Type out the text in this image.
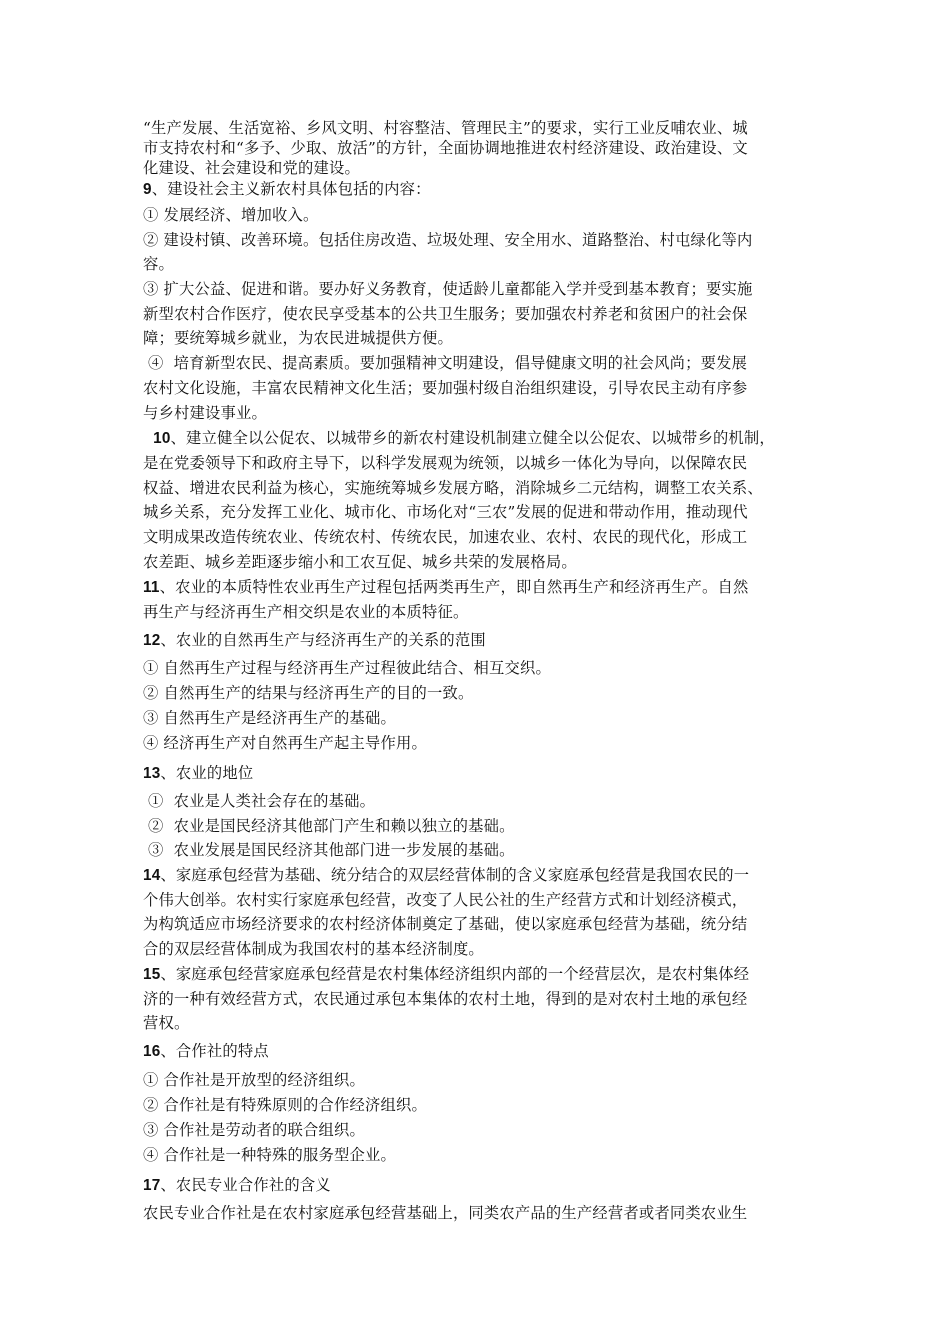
“生产发展、生活宽裕、乡风文明、村容整洁、管理民主”的要求，实行工业反哺农业、城
市支持农村和“多予、少取、放活”的方针，全面协调地推进农村经济建设、政治建设、文
化建设、社会建设和党的建设。
9、建设社会主义新农村具体包括的内容：
① 发展经济、增加收入。
② 建设村镇、改善环境。包括住房改造、垃圾处理、安全用水、道路整治、村屯绿化等内
容。
③ 扩大公益、促进和谐。要办好义务教育，使适龄儿童都能入学并受到基本教育；要实施
新型农村合作医疗，使农民享受基本的公共卫生服务；要加强农村养老和贫困户的社会保
障；要统筹城乡就业，为农民进城提供方便。
④  培育新型农民、提高素质。要加强精神文明建设，倡导健康文明的社会风尚；要发展
农村文化设施，丰富农民精神文化生活；要加强村级自治组织建设，引导农民主动有序参
与乡村建设事业。
10、建立健全以公促农、以城带乡的新农村建设机制建立健全以公促农、以城带乡的机制，
是在党委领导下和政府主导下，以科学发展观为统领，以城乡一体化为导向，以保障农民
权益、增进农民利益为核心，实施统筹城乡发展方略，消除城乡二元结构，调整工农关系、
城乡关系，充分发挥工业化、城市化、市场化对“三农”发展的促进和带动作用，推动现代
文明成果改造传统农业、传统农村、传统农民，加速农业、农村、农民的现代化，形成工
农差距、城乡差距逐步缩小和工农互促、城乡共荣的发展格局。
11、农业的本质特性农业再生产过程包括两类再生产，即自然再生产和经济再生产。自然
再生产与经济再生产相交织是农业的本质特征。
12、农业的自然再生产与经济再生产的关系的范围
① 自然再生产过程与经济再生产过程彼此结合、相互交织。
② 自然再生产的结果与经济再生产的目的一致。
③ 自然再生产是经济再生产的基础。
④ 经济再生产对自然再生产起主导作用。
13、农业的地位
①  农业是人类社会存在的基础。
②  农业是国民经济其他部门产生和赖以独立的基础。
③  农业发展是国民经济其他部门进一步发展的基础。
14、家庭承包经营为基础、统分结合的双层经营体制的含义家庭承包经营是我国农民的一
个伟大创举。农村实行家庭承包经营，改变了人民公社的生产经营方式和计划经济模式，
为构筑适应市场经济要求的农村经济体制奠定了基础，使以家庭承包经营为基础，统分结
合的双层经营体制成为我国农村的基本经济制度。
15、家庭承包经营家庭承包经营是农村集体经济组织内部的一个经营层次，是农村集体经
济的一种有效经营方式，农民通过承包本集体的农村土地，得到的是对农村土地的承包经
营权。
16、合作社的特点
① 合作社是开放型的经济组织。
② 合作社是有特殊原则的合作经济组织。
③ 合作社是劳动者的联合组织。
④ 合作社是一种特殊的服务型企业。
17、农民专业合作社的含义
农民专业合作社是在农村家庭承包经营基础上，同类农产品的生产经营者或者同类农业生
